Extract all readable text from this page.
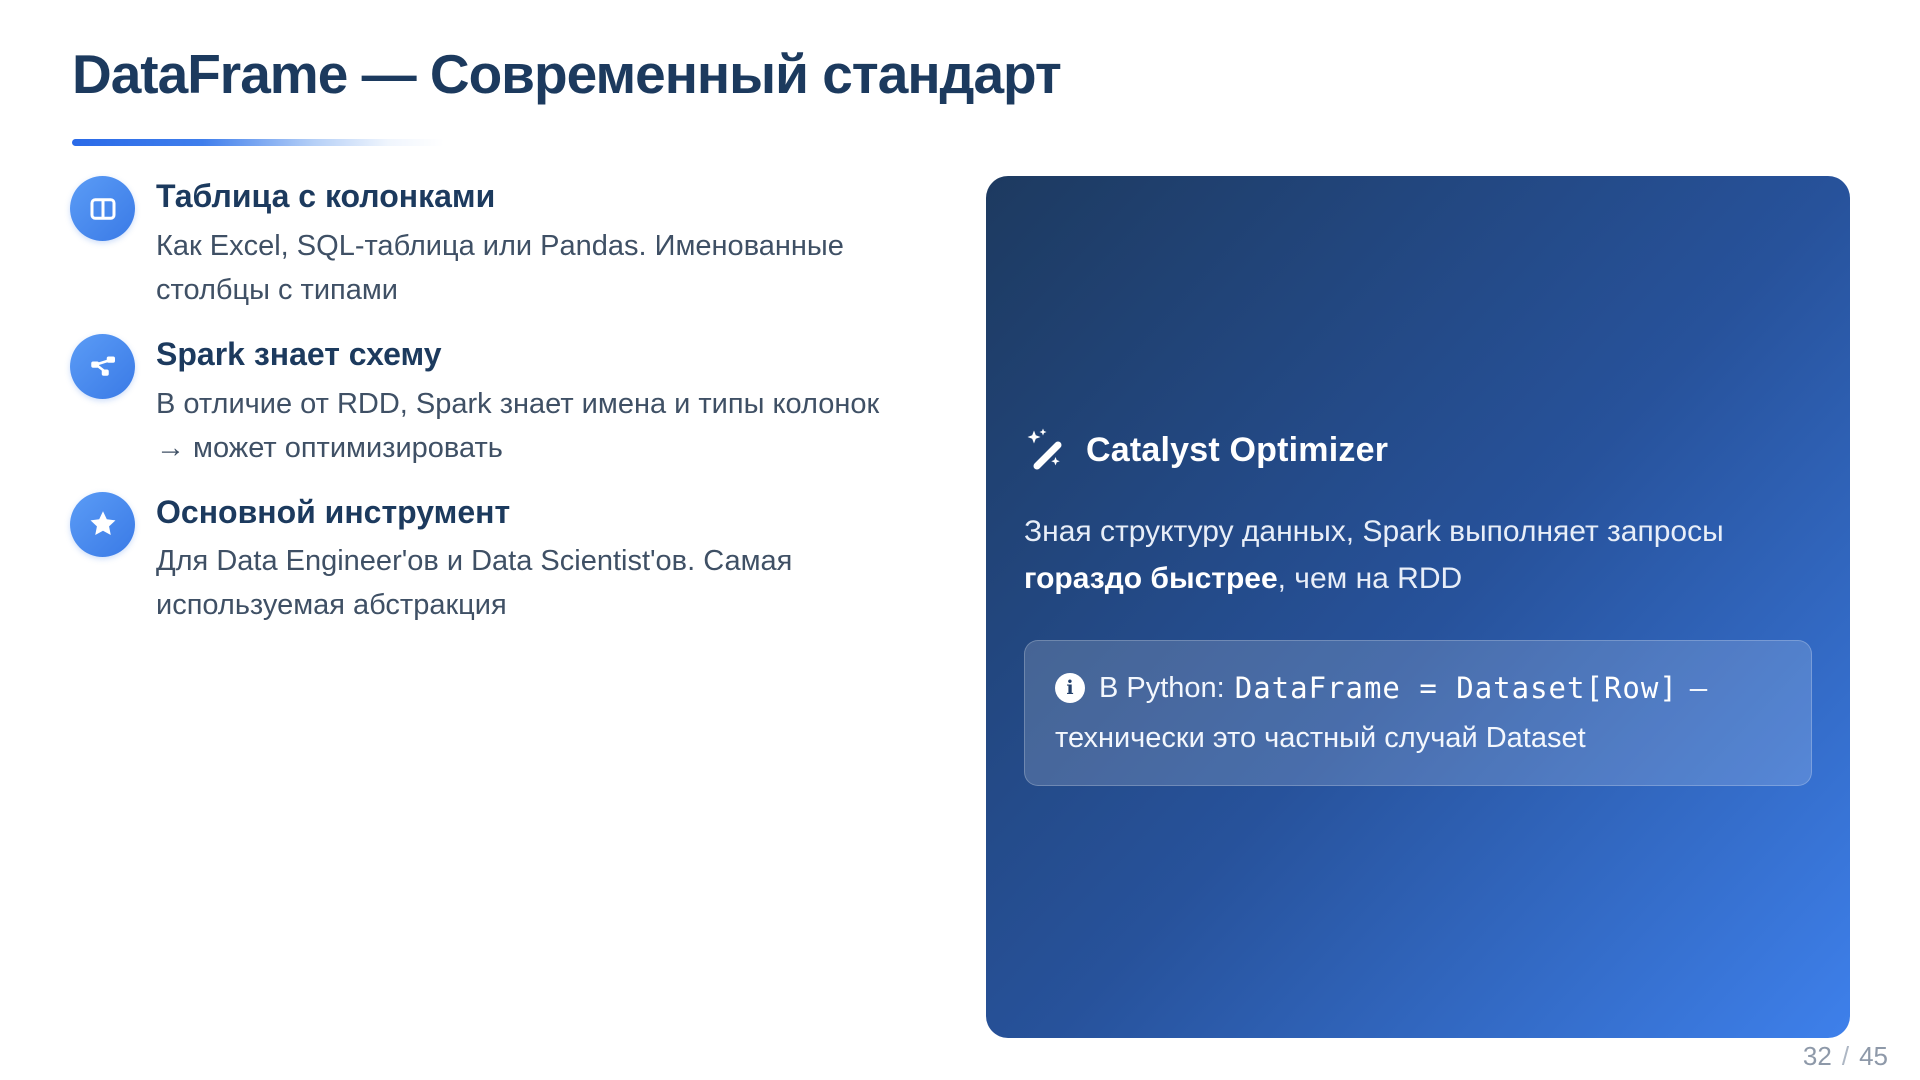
DataFrame — Современный стандарт
Таблица с колонками

Как Excel, SQL-таблица или Pandas. Именованные
столбцы с типами

Spark знает схему

В отличие от RDD, Spark знает имена и типы колонок
→ может оптимизировать

Основной инструмент

Для Data Engineer'ов и Data Scientist'ов. Самая
используемая абстракция

Catalyst Optimizer

Зная структуру данных, Spark выполняет запросы
гораздо быстрее, чем на RDD

i В Python: DataFrame = Dataset[Row] —
технически это частный случай Dataset
32 / 45
